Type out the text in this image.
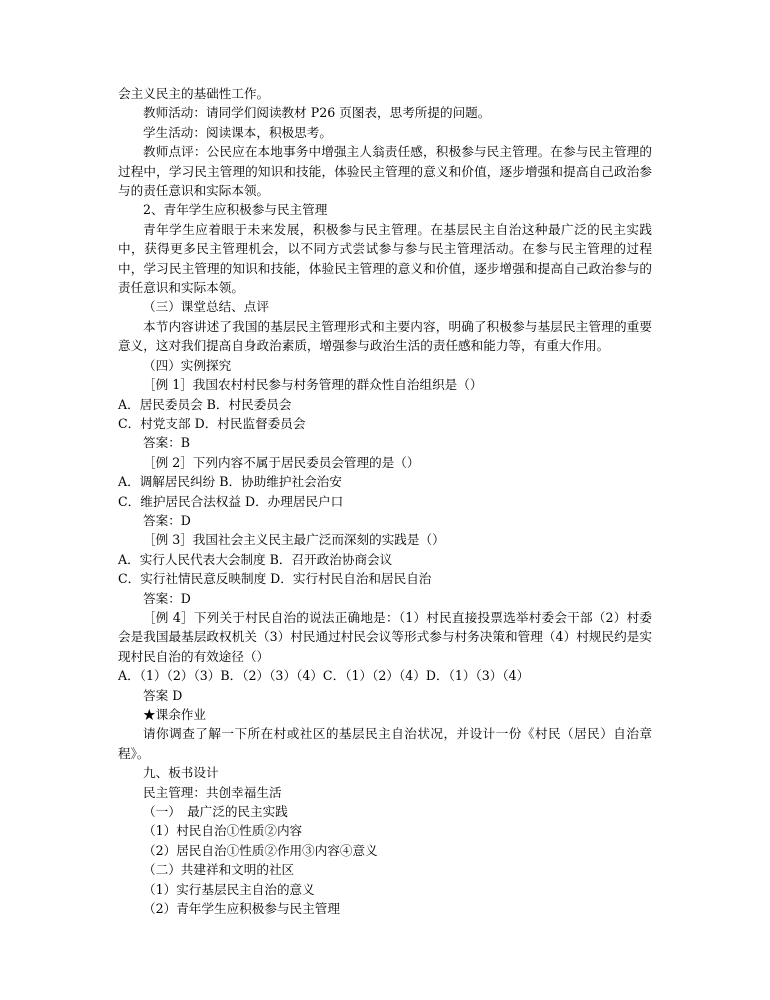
会主义民主的基础性工作。

教师活动：请同学们阅读教材 P26 页图表，思考所提的问题。

学生活动：阅读课本，积极思考。

教师点评：公民应在本地事务中增强主人翁责任感，积极参与民主管理。在参与民主管理的过程中，学习民主管理的知识和技能，体验民主管理的意义和价值，逐步增强和提高自己政治参与的责任意识和实际本领。

2、青年学生应积极参与民主管理

青年学生应着眼于未来发展，积极参与民主管理。在基层民主自治这种最广泛的民主实践中，获得更多民主管理机会，以不同方式尝试参与参与民主管理活动。在参与民主管理的过程中，学习民主管理的知识和技能，体验民主管理的意义和价值，逐步增强和提高自己政治参与的责任意识和实际本领。

（三）课堂总结、点评

本节内容讲述了我国的基层民主管理形式和主要内容，明确了积极参与基层民主管理的重要意义，这对我们提高自身政治素质，增强参与政治生活的责任感和能力等，有重大作用。

（四）实例探究

［例 1］我国农村村民参与村务管理的群众性自治组织是（）

A．居民委员会 B．村民委员会

C．村党支部 D．村民监督委员会

答案：B

［例 2］下列内容不属于居民委员会管理的是（）

A．调解居民纠纷 B．协助维护社会治安

C．维护居民合法权益 D．办理居民户口

答案：D

［例 3］我国社会主义民主最广泛而深刻的实践是（）

A．实行人民代表大会制度 B．召开政治协商会议

C．实行社情民意反映制度 D．实行村民自治和居民自治

答案：D

［例 4］下列关于村民自治的说法正确地是：（1）村民直接投票选举村委会干部（2）村委会是我国最基层政权机关（3）村民通过村民会议等形式参与村务决策和管理（4）村规民约是实现村民自治的有效途径（）

A．（1）（2）（3）B．（2）（3）（4）C．（1）（2）（4）D．（1）（3）（4）

答案 D

★课余作业

请你调查了解一下所在村或社区的基层民主自治状况，并设计一份《村民（居民）自治章程》。

九、板书设计

民主管理：共创幸福生活

（一）　最广泛的民主实践

（1）村民自治①性质②内容

（2）居民自治①性质②作用③内容④意义

（二）共建祥和文明的社区

（1）实行基层民主自治的意义

（2）青年学生应积极参与民主管理
